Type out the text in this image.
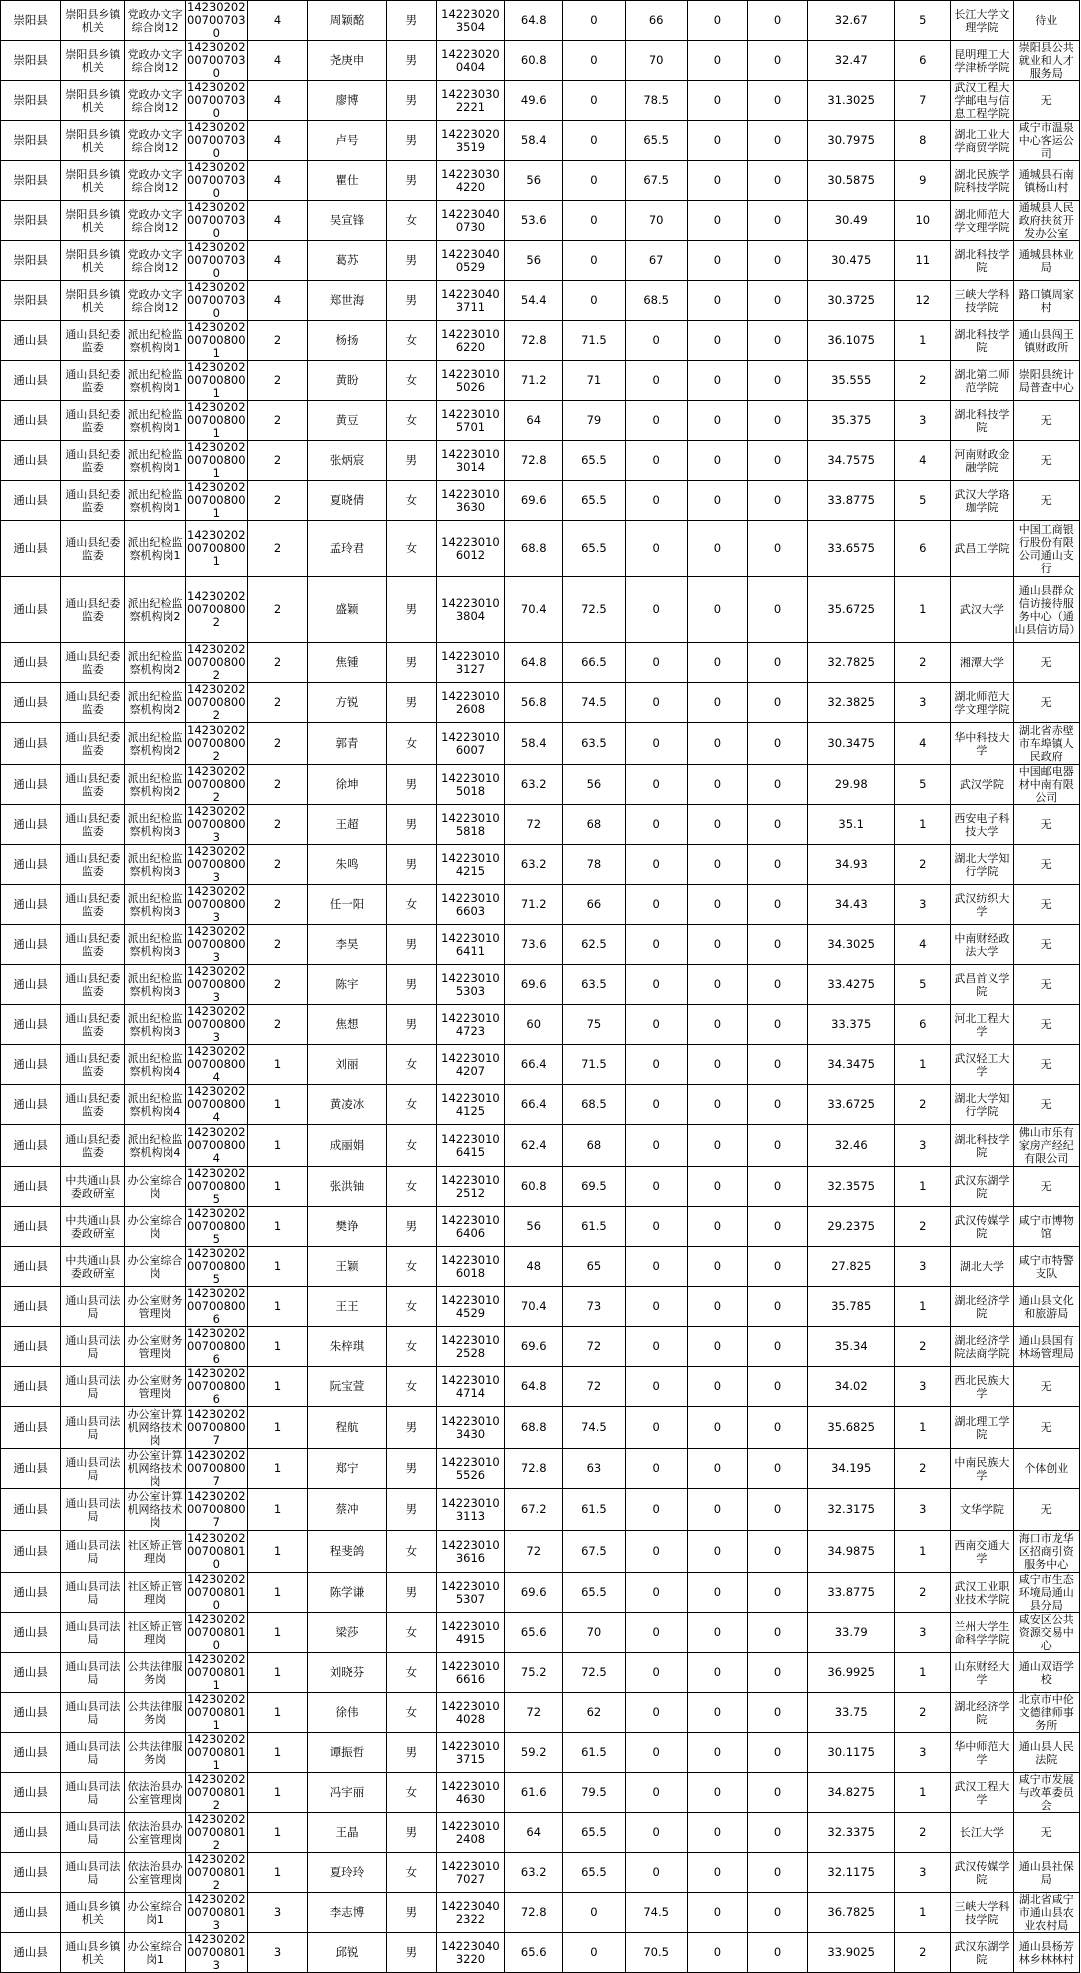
崇阳县	崇阳县乡镇机关	党政办文字综合岗12	14230202007007030	4	周颖酩	男	142230203504	64.8	0	66	0	0	32.67	5	长江大学文理学院	待业
崇阳县	崇阳县乡镇机关	党政办文字综合岗12	14230202007007030	4	尧庚申	男	142230200404	60.8	0	70	0	0	32.47	6	昆明理工大学津桥学院	崇阳县公共就业和人才服务局
崇阳县	崇阳县乡镇机关	党政办文字综合岗12	14230202007007030	4	廖博	男	142230302221	49.6	0	78.5	0	0	31.3025	7	武汉工程大学邮电与信息工程学院	无
崇阳县	崇阳县乡镇机关	党政办文字综合岗12	14230202007007030	4	卢号	男	142230203519	58.4	0	65.5	0	0	30.7975	8	湖北工业大学商贸学院	咸宁市温泉中心客运公司
崇阳县	崇阳县乡镇机关	党政办文字综合岗12	14230202007007030	4	瞿仕	男	142230304220	56	0	67.5	0	0	30.5875	9	湖北民族学院科技学院	通城县石南镇杨山村
崇阳县	崇阳县乡镇机关	党政办文字综合岗12	14230202007007030	4	吴宣锋	女	142230400730	53.6	0	70	0	0	30.49	10	湖北师范大学文理学院	通城县人民政府扶贫开发办公室
崇阳县	崇阳县乡镇机关	党政办文字综合岗12	14230202007007030	4	葛苏	男	142230400529	56	0	67	0	0	30.475	11	湖北科技学院	通城县林业局
崇阳县	崇阳县乡镇机关	党政办文字综合岗12	14230202007007030	4	郑世海	男	142230403711	54.4	0	68.5	0	0	30.3725	12	三峡大学科技学院	路口镇周家村
通山县	通山县纪委监委	派出纪检监察机构岗1	14230202007008001	2	杨扬	女	142230106220	72.8	71.5	0	0	0	36.1075	1	湖北科技学院	通山县闯王镇财政所
通山县	通山县纪委监委	派出纪检监察机构岗1	14230202007008001	2	黄盼	女	142230105026	71.2	71	0	0	0	35.555	2	湖北第二师范学院	崇阳县统计局普查中心
通山县	通山县纪委监委	派出纪检监察机构岗1	14230202007008001	2	黄豆	女	142230105701	64	79	0	0	0	35.375	3	湖北科技学院	无
通山县	通山县纪委监委	派出纪检监察机构岗1	14230202007008001	2	张炳宸	男	142230103014	72.8	65.5	0	0	0	34.7575	4	河南财政金融学院	无
通山县	通山县纪委监委	派出纪检监察机构岗1	14230202007008001	2	夏晓倩	女	142230103630	69.6	65.5	0	0	0	33.8775	5	武汉大学珞珈学院	无
通山县	通山县纪委监委	派出纪检监察机构岗1	14230202007008001	2	孟玲君	女	142230106012	68.8	65.5	0	0	0	33.6575	6	武昌工学院	中国工商银行股份有限公司通山支行
通山县	通山县纪委监委	派出纪检监察机构岗2	14230202007008002	2	盛颖	男	142230103804	70.4	72.5	0	0	0	35.6725	1	武汉大学	通山县群众信访接待服务中心（通山县信访局）
通山县	通山县纪委监委	派出纪检监察机构岗2	14230202007008002	2	焦锺	男	142230103127	64.8	66.5	0	0	0	32.7825	2	湘潭大学	无
通山县	通山县纪委监委	派出纪检监察机构岗2	14230202007008002	2	方锐	男	142230102608	56.8	74.5	0	0	0	32.3825	3	湖北师范大学文理学院	无
通山县	通山县纪委监委	派出纪检监察机构岗2	14230202007008002	2	郭青	女	142230106007	58.4	63.5	0	0	0	30.3475	4	华中科技大学	湖北省赤壁市车埠镇人民政府
通山县	通山县纪委监委	派出纪检监察机构岗2	14230202007008002	2	徐坤	男	142230105018	63.2	56	0	0	0	29.98	5	武汉学院	中国邮电器材中南有限公司
通山县	通山县纪委监委	派出纪检监察机构岗3	14230202007008003	2	王超	男	142230105818	72	68	0	0	0	35.1	1	西安电子科技大学	无
通山县	通山县纪委监委	派出纪检监察机构岗3	14230202007008003	2	朱鸣	男	142230104215	63.2	78	0	0	0	34.93	2	湖北大学知行学院	无
通山县	通山县纪委监委	派出纪检监察机构岗3	14230202007008003	2	任一阳	女	142230106603	71.2	66	0	0	0	34.43	3	武汉纺织大学	无
通山县	通山县纪委监委	派出纪检监察机构岗3	14230202007008003	2	李昊	男	142230106411	73.6	62.5	0	0	0	34.3025	4	中南财经政法大学	无
通山县	通山县纪委监委	派出纪检监察机构岗3	14230202007008003	2	陈宇	男	142230105303	69.6	63.5	0	0	0	33.4275	5	武昌首义学院	无
通山县	通山县纪委监委	派出纪检监察机构岗3	14230202007008003	2	焦想	男	142230104723	60	75	0	0	0	33.375	6	河北工程大学	无
通山县	通山县纪委监委	派出纪检监察机构岗4	14230202007008004	1	刘丽	女	142230104207	66.4	71.5	0	0	0	34.3475	1	武汉轻工大学	无
通山县	通山县纪委监委	派出纪检监察机构岗4	14230202007008004	1	黄凌冰	女	142230104125	66.4	68.5	0	0	0	33.6725	2	湖北大学知行学院	无
通山县	通山县纪委监委	派出纪检监察机构岗4	14230202007008004	1	成丽娟	女	142230106415	62.4	68	0	0	0	32.46	3	湖北科技学院	佛山市乐有家房产经纪有限公司
通山县	中共通山县委政研室	办公室综合岗	14230202007008005	1	张洪铀	女	142230102512	60.8	69.5	0	0	0	32.3575	1	武汉东湖学院	无
通山县	中共通山县委政研室	办公室综合岗	14230202007008005	1	樊诤	男	142230106406	56	61.5	0	0	0	29.2375	2	武汉传媒学院	咸宁市博物馆
通山县	中共通山县委政研室	办公室综合岗	14230202007008005	1	王颖	女	142230106018	48	65	0	0	0	27.825	3	湖北大学	咸宁市特警支队
通山县	通山县司法局	办公室财务管理岗	14230202007008006	1	王王	女	142230104529	70.4	73	0	0	0	35.785	1	湖北经济学院	通山县文化和旅游局
通山县	通山县司法局	办公室财务管理岗	14230202007008006	1	朱梓琪	女	142230102528	69.6	72	0	0	0	35.34	2	湖北经济学院法商学院	通山县国有林场管理局
通山县	通山县司法局	办公室财务管理岗	14230202007008006	1	阮宝萱	女	142230104714	64.8	72	0	0	0	34.02	3	西北民族大学	无
通山县	通山县司法局	办公室计算机网络技术岗	14230202007008007	1	程航	男	142230103430	68.8	74.5	0	0	0	35.6825	1	湖北理工学院	无
通山县	通山县司法局	办公室计算机网络技术岗	14230202007008007	1	郑宁	男	142230105526	72.8	63	0	0	0	34.195	2	中南民族大学	个体创业
通山县	通山县司法局	办公室计算机网络技术岗	14230202007008007	1	蔡冲	男	142230103113	67.2	61.5	0	0	0	32.3175	3	文华学院	无
通山县	通山县司法局	社区矫正管理岗	14230202007008010	1	程斐鸽	女	142230103616	72	67.5	0	0	0	34.9875	1	西南交通大学	海口市龙华区招商引资服务中心
通山县	通山县司法局	社区矫正管理岗	14230202007008010	1	陈学谦	男	142230105307	69.6	65.5	0	0	0	33.8775	2	武汉工业职业技术学院	咸宁市生态环境局通山县分局
通山县	通山县司法局	社区矫正管理岗	14230202007008010	1	梁莎	女	142230104915	65.6	70	0	0	0	33.79	3	兰州大学生命科学学院	咸安区公共资源交易中心
通山县	通山县司法局	公共法律服务岗	14230202007008011	1	刘晓芬	女	142230106616	75.2	72.5	0	0	0	36.9925	1	山东财经大学	通山双语学校
通山县	通山县司法局	公共法律服务岗	14230202007008011	1	徐伟	女	142230104028	72	62	0	0	0	33.75	2	湖北经济学院	北京市中伦文德律师事务所
通山县	通山县司法局	公共法律服务岗	14230202007008011	1	谭振哲	男	142230103715	59.2	61.5	0	0	0	30.1175	3	华中师范大学	通山县人民法院
通山县	通山县司法局	依法治县办公室管理岗	14230202007008012	1	冯宇丽	女	142230104630	61.6	79.5	0	0	0	34.8275	1	武汉工程大学	咸宁市发展与改革委员会
通山县	通山县司法局	依法治县办公室管理岗	14230202007008012	1	王晶	男	142230102408	64	65.5	0	0	0	32.3375	2	长江大学	无
通山县	通山县司法局	依法治县办公室管理岗	14230202007008012	1	夏玲玲	女	142230107027	63.2	65.5	0	0	0	32.1175	3	武汉传媒学院	通山县社保局
通山县	通山县乡镇机关	办公室综合岗1	14230202007008013	3	李志博	男	142230402322	72.8	0	74.5	0	0	36.7825	1	三峡大学科技学院	湖北省咸宁市通山县农业农村局
通山县	通山县乡镇机关	办公室综合岗1	14230202007008013	3	邱锐	男	142230403220	65.6	0	70.5	0	0	33.9025	2	武汉东湖学院	通山县杨芳林乡林林村
